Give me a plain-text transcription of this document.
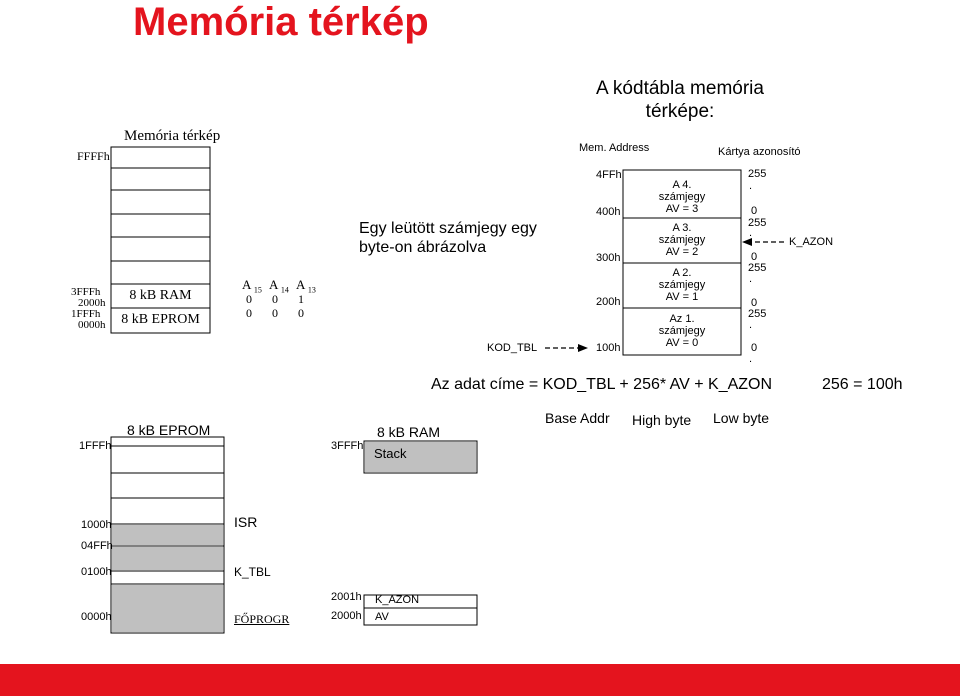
Memória térkép
Memória térkép
FFFFh
3FFFh
2000h
1FFFh
0000h
8 kB RAM
8 kB EPROM
A $_{15}$ A $_{14}$ A $_{13}$
0 0 1
0 0 0
Egy leütött számjegy egy
byte-on ábrázolva
A kódtábla memória
térképe:
Mem. Address	Kártya azonosító
4FFh
400h
300h
200h
100h
A 4.
számjegy
AV = 3
A 3.
számjegy
AV = 2
A 2.
számjegy
AV = 1
Az 1.
számjegy
AV = 0
255
.
0
255
.
0
255
.
0
255
.
0
.
KOD_TBL
K_AZON
Az adat címe = KOD_TBL + 256* AV + K_AZON	256 = 100h
8 kB EPROM
1FFFh
1000h
04FFh
0100h
0000h
ISR
K_TBL
FŐPROGR
8 kB RAM
3FFFh Stack
2001h
2000h
K_AZON
AV
Base Addr High byte Low byte
